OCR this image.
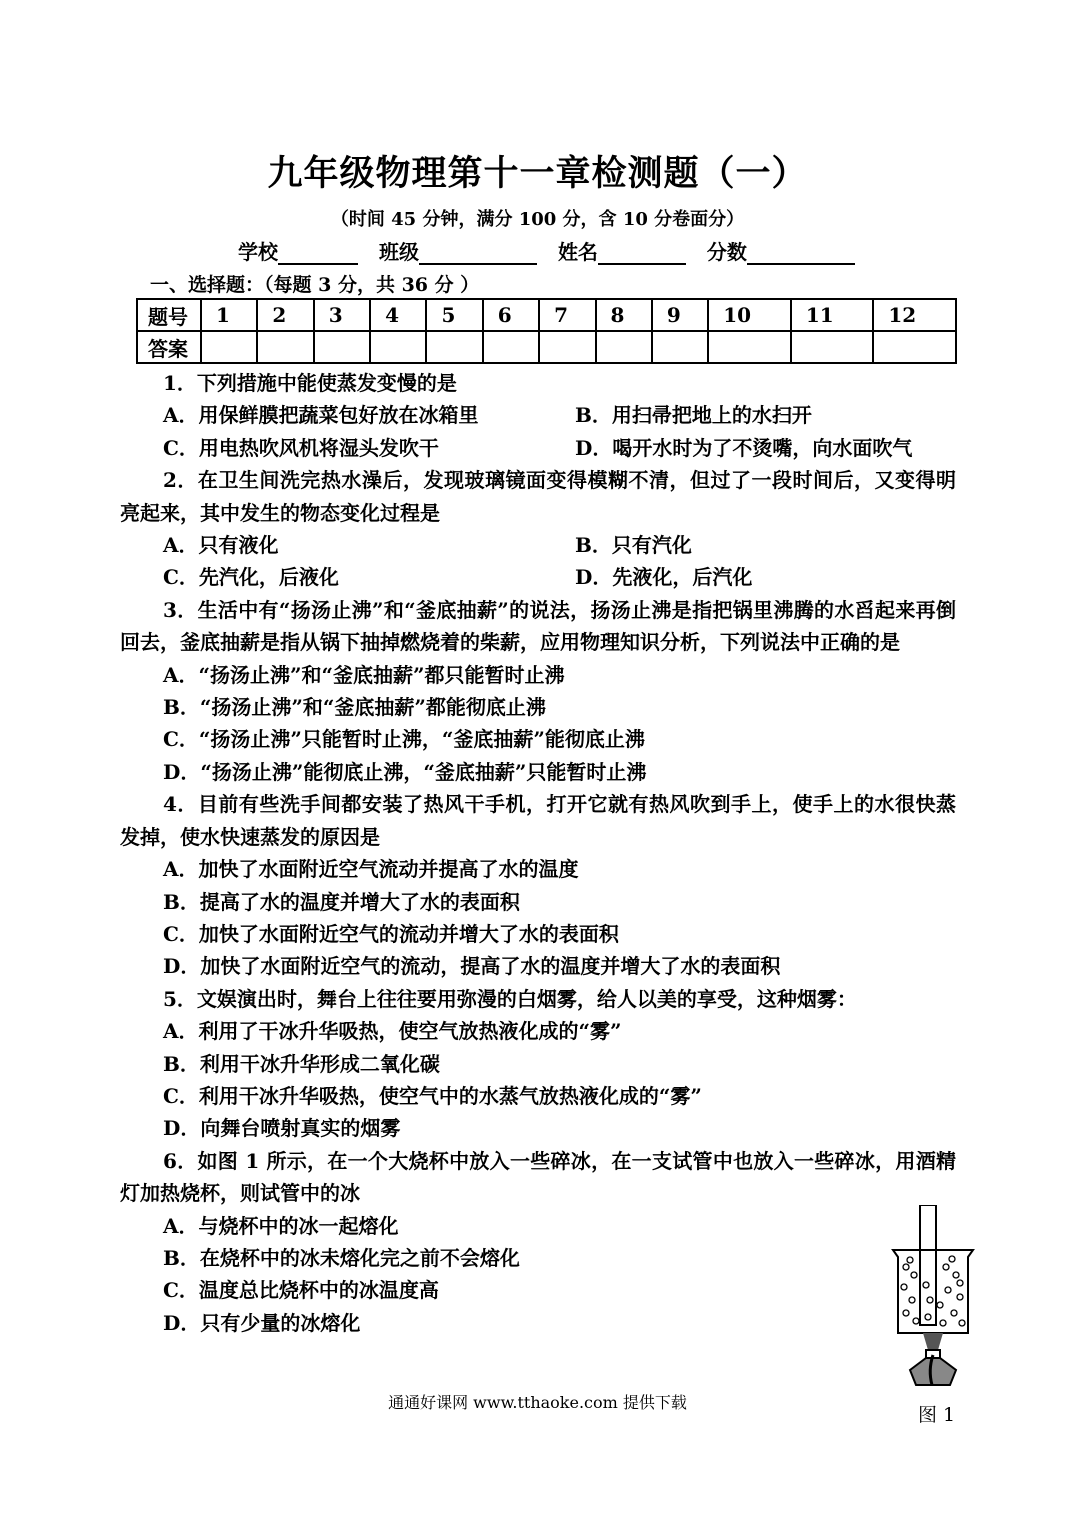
九年级物理第十一章检测题（一）
（时间 45 分钟，满分 100 分，含 10 分卷面分）
学校	班级	姓名	分数
一、选择题：（每题 3 分，共 36 分 ）
题号	1	2	3	4	5	6	7	8	9	10	11	12
答案												
1．下列措施中能使蒸发变慢的是
A．用保鲜膜把蔬菜包好放在冰箱里	B．用扫帚把地上的水扫开
C．用电热吹风机将湿头发吹干	D．喝开水时为了不烫嘴，向水面吹气
2．在卫生间洗完热水澡后，发现玻璃镜面变得模糊不清，但过了一段时间后，又变得明亮起来，其中发生的物态变化过程是
A．只有液化	B．只有汽化
C．先汽化，后液化	D．先液化，后汽化
3．生活中有“扬汤止沸”和“釜底抽薪”的说法，扬汤止沸是指把锅里沸腾的水舀起来再倒回去，釜底抽薪是指从锅下抽掉燃烧着的柴薪，应用物理知识分析，下列说法中正确的是
A．“扬汤止沸”和“釜底抽薪”都只能暂时止沸
B．“扬汤止沸”和“釜底抽薪”都能彻底止沸
C．“扬汤止沸”只能暂时止沸，“釜底抽薪”能彻底止沸
D．“扬汤止沸”能彻底止沸，“釜底抽薪”只能暂时止沸
4．目前有些洗手间都安装了热风干手机，打开它就有热风吹到手上，使手上的水很快蒸发掉，使水快速蒸发的原因是
A．加快了水面附近空气流动并提高了水的温度
B．提高了水的温度并增大了水的表面积
C．加快了水面附近空气的流动并增大了水的表面积
D．加快了水面附近空气的流动，提高了水的温度并增大了水的表面积
5．文娱演出时，舞台上往往要用弥漫的白烟雾，给人以美的享受，这种烟雾：
A．利用了干冰升华吸热，使空气放热液化成的“雾”
B．利用干冰升华形成二氧化碳
C．利用干冰升华吸热，使空气中的水蒸气放热液化成的“雾”
D．向舞台喷射真实的烟雾
6．如图 1 所示，在一个大烧杯中放入一些碎冰，在一支试管中也放入一些碎冰，用酒精灯加热烧杯，则试管中的冰
A．与烧杯中的冰一起熔化
B．在烧杯中的冰未熔化完之前不会熔化
C．温度总比烧杯中的冰温度高
D．只有少量的冰熔化
图 1
通通好课网 www.tthaoke.com 提供下载
